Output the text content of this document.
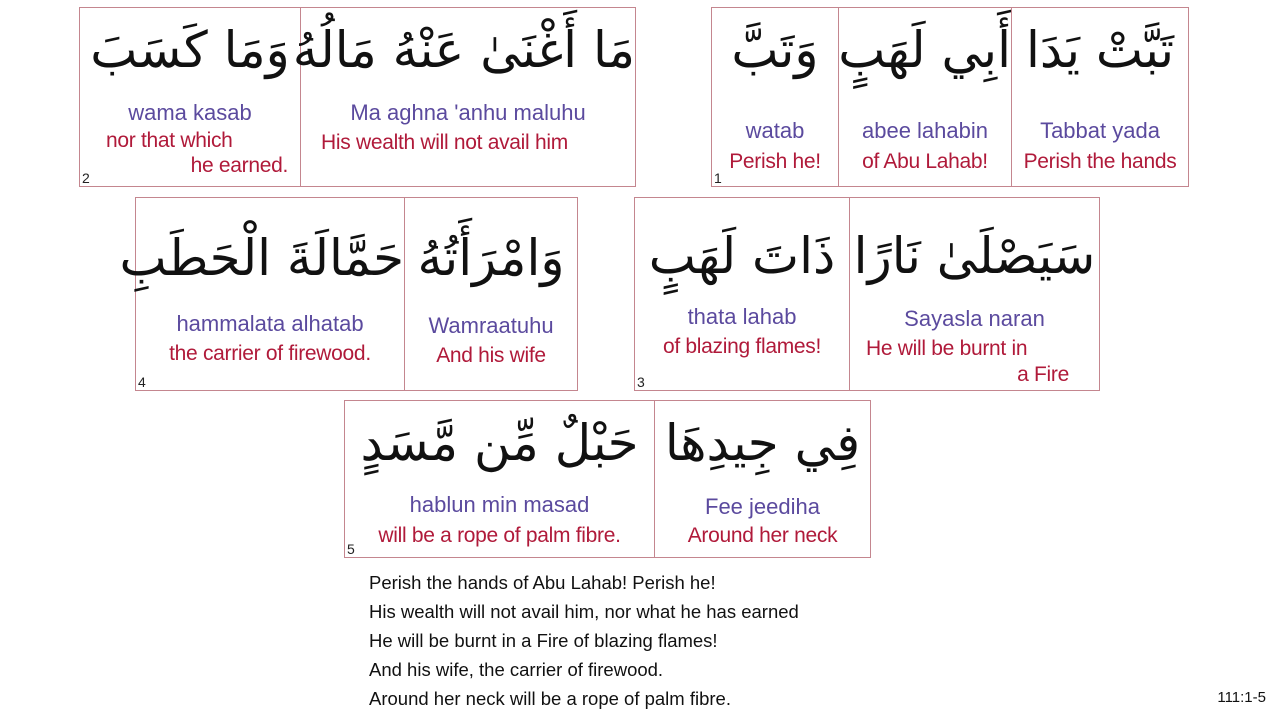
وَتَبَّ
watab
Perish he!
أَبِي لَهَبٍ
abee lahabin
of Abu Lahab!
تَبَّتْ يَدَا
Tabbat yada
Perish the hands
1
وَمَا كَسَبَ
wama kasab
nor that which
he earned.
مَا أَغْنَىٰ عَنْهُ مَالُهُ
Ma aghna 'anhu maluhu
His wealth will not avail him
2
حَمَّالَةَ الْحَطَبِ
hammalata alhatab
the carrier of firewood.
وَامْرَأَتُهُ
Wamraatuhu
And his wife
4
ذَاتَ لَهَبٍ
thata lahab
of blazing flames!
سَيَصْلَىٰ نَارًا
Sayasla naran
He will be burnt in
a Fire
3
حَبْلٌ مِّن مَّسَدٍ
hablun min masad
will be a rope of palm fibre.
فِي جِيدِهَا
Fee jeediha
Around her neck
5
Perish the hands of Abu Lahab! Perish he!
His wealth will not avail him, nor what he has earned
He will be burnt in a Fire of blazing flames!
And his wife, the carrier of firewood.
Around her neck will be a rope of palm fibre.	111:1-5
